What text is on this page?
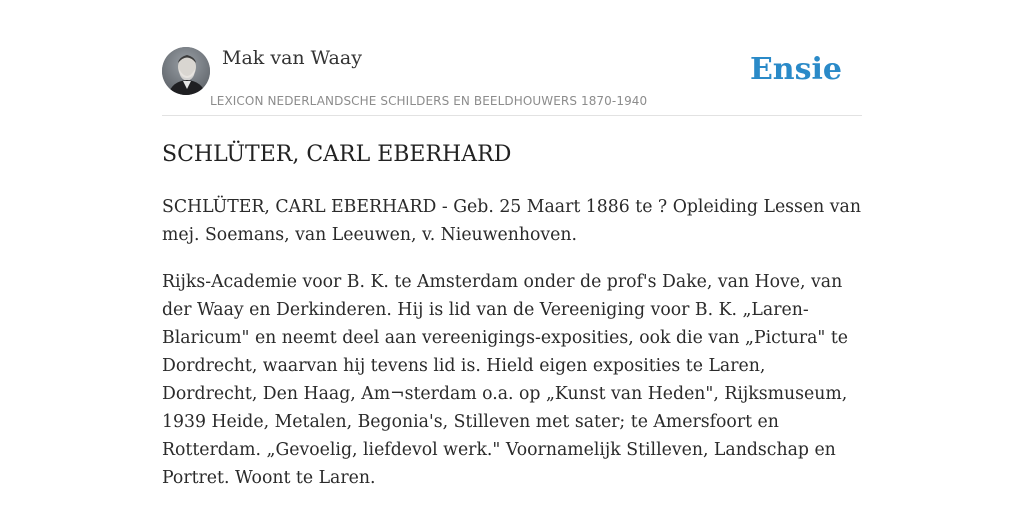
Mak van Waay
LEXICON NEDERLANDSCHE SCHILDERS EN BEELDHOUWERS 1870-1940
Ensie
SCHLÜTER, CARL EBERHARD

SCHLÜTER, CARL EBERHARD - Geb. 25 Maart 1886 te ? Opleiding Lessen van mej. Soemans, van Leeuwen, v. Nieuwenhoven.

Rijks-Academie voor B. K. te Amsterdam onder de prof's Dake, van Hove, van der Waay en Derkinderen. Hij is lid van de Vereeniging voor B. K. „Laren-Blaricum" en neemt deel aan vereenigings-exposities, ook die van „Pictura" te Dordrecht, waarvan hij tevens lid is. Hield eigen exposities te Laren, Dordrecht, Den Haag, Am¬sterdam o.a. op „Kunst van Heden", Rijksmuseum, 1939 Heide, Metalen, Begonia's, Stilleven met sater; te Amersfoort en Rotterdam. „Gevoelig, liefdevol werk." Voornamelijk Stilleven, Landschap en Portret. Woont te Laren.
